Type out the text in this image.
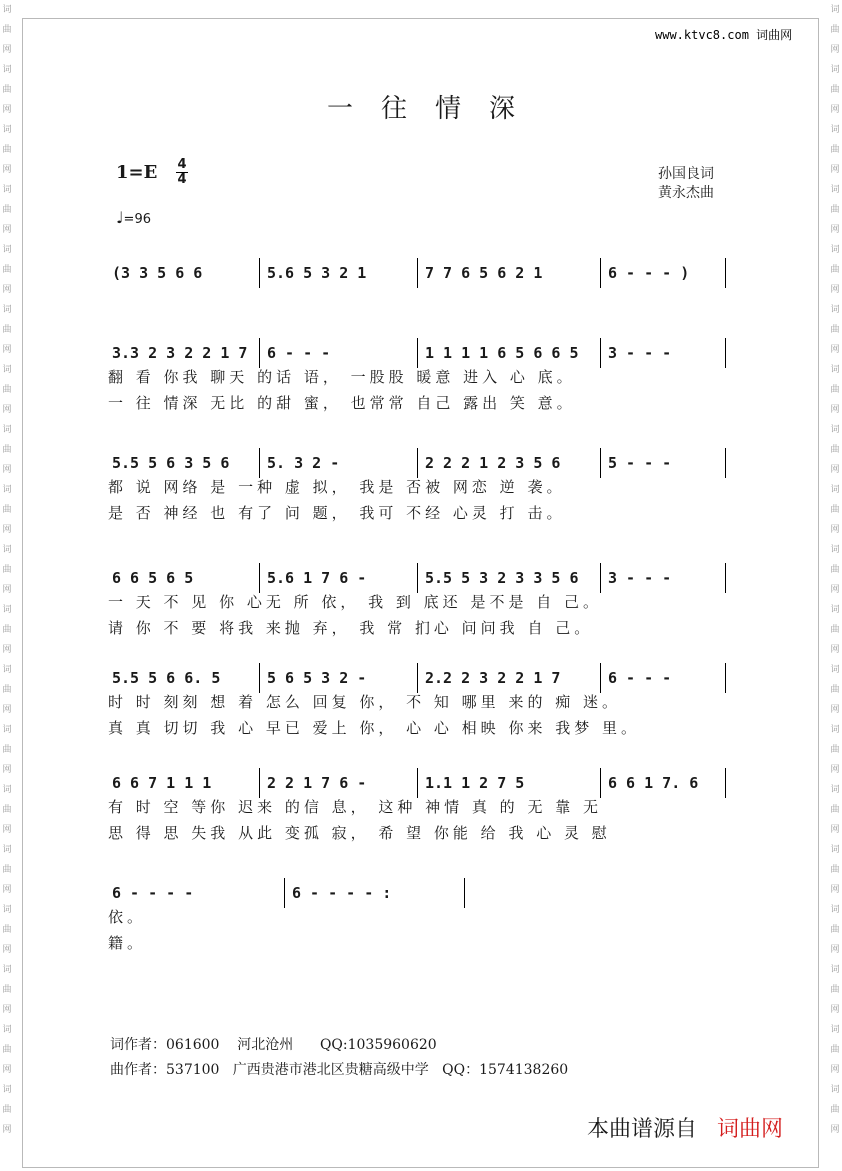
词
曲
网
词
曲
网
词
曲
网
词
曲
网
词
曲
网
词
曲
网
词
曲
网
词
曲
网
词
曲
网
词
曲
网
词
曲
网
词
曲
网
词
曲
网
词
曲
网
词
曲
网
词
曲
网
词
曲
网
词
曲
网
词
曲
网
词
曲
网
词
曲
网
词
曲
网
词
曲
网
词
曲
网
词
曲
网
词
曲
网
词
曲
网
词
曲
网
词
曲
网
词
曲
网
词
曲
网
词
曲
网
词
曲
网
词
曲
网
词
曲
网
词
曲
网
词
曲
网
词
曲
网
www.ktvc8.com 词曲网
一往情深
1=E 4
4	孙国良词
黄永杰曲
♩=96
(3 3 5 6 6	5.6 5 3 2 1	7 7 6 5 6 2 1	6 - - - )
3.3 2 3 2 2 1 7 6 - - -	1 1 1 1 6 5 6 6 5 3 - - -
翻 看 你我 聊天 的话 语， 一股股 暖意 进入 心 底。
一 往 情深 无比 的甜 蜜， 也常常 自己 露出 笑 意。
5.5 5 6 3 5 6	5. 3 2 -	2 2 2 1 2 3 5 6	5 - - -
都 说 网络 是 一种 虚 拟， 我是 否被 网恋 逆 袭。
是 否 神经 也 有了 问 题， 我可 不经 心灵 打 击。
6 6 5 6 5	5.6 1 7 6 -	5.5 5 3 2 3 3 5 6 3 - - -
一 天 不 见 你 心无 所 依， 我 到 底还 是不是 自 己。
请 你 不 要 将我 来抛 弃， 我 常 扪心 问问我 自 己。
5.5 5 6 6. 5	5 6 5 3 2 -	2.2 2 3 2 2 1 7	6 - - -
时 时 刻刻 想 着 怎么 回复 你， 不 知 哪里 来的 痴 迷。
真 真 切切 我 心 早已 爱上 你， 心 心 相映 你来 我梦 里。
6 6 7 1 1 1	2 2 1 7 6 -	1.1 1 2 7 5	6 6 1 7. 6
有 时 空 等你 迟来 的信 息， 这种 神情 真 的 无 靠 无
思 得 思 失我 从此 变孤 寂， 希 望 你能 给 我 心 灵 慰
6 - - - -	6 - - - - :
依。
籍。
词作者：061600    河北沧州      QQ:1035960620
曲作者：537100   广西贵港市港北区贵糖高级中学   QQ：1574138260
本曲谱源自 词曲网
